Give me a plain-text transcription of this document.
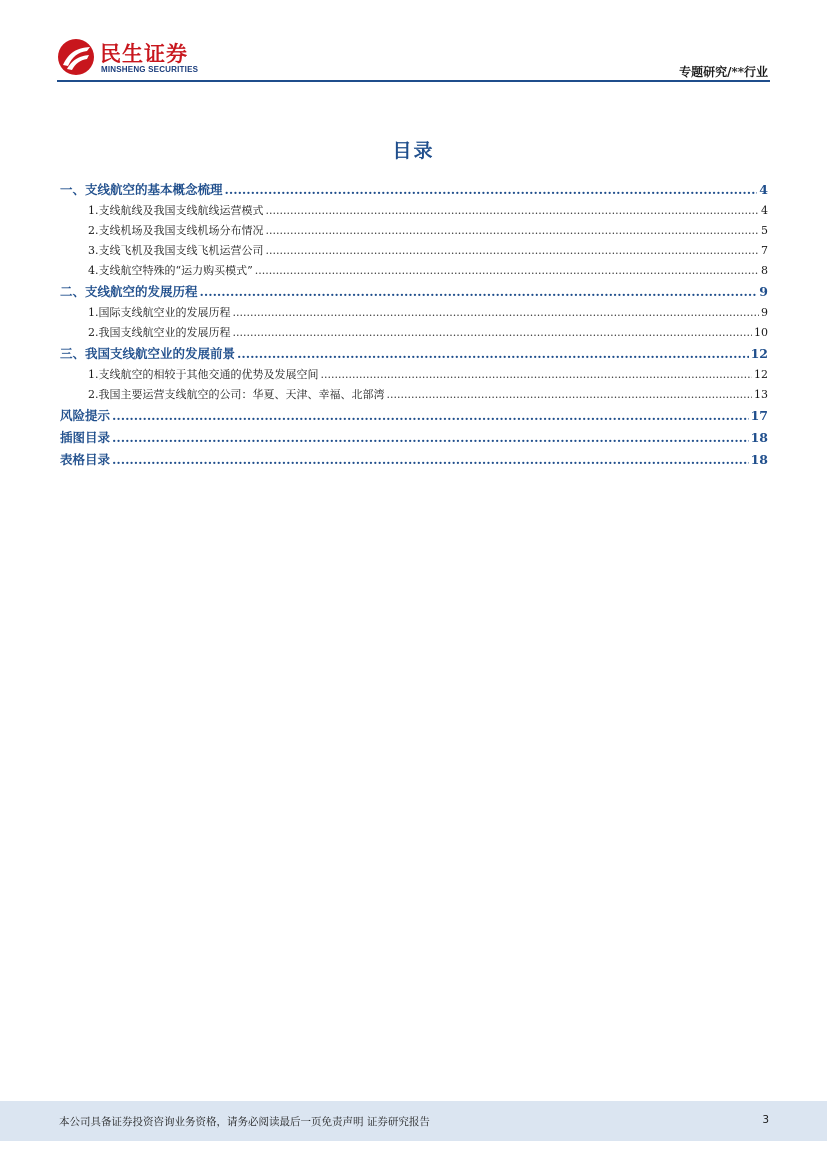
民生证券
MINSHENG SECURITIES	专题研究/**行业
目录
一、支线航空的基本概念梳理 .....	4
1.支线航线及我国支线航线运营模式 .....	4
2.支线机场及我国支线机场分布情况 .....	5
3.支线飞机及我国支线飞机运营公司 .....	7
4.支线航空特殊的“运力购买模式” .....	8
二、支线航空的发展历程 .....	9
1.国际支线航空业的发展历程 .....	9
2.我国支线航空业的发展历程 .....	10
三、我国支线航空业的发展前景 .....	12
1.支线航空的相较于其他交通的优势及发展空间 .....	12
2.我国主要运营支线航空的公司：华夏、天津、幸福、北部湾 .....	13
风险提示 .....	17
插图目录 .....	18
表格目录 .....	18
本公司具备证券投资咨询业务资格，请务必阅读最后一页免责声明 证券研究报告	3
